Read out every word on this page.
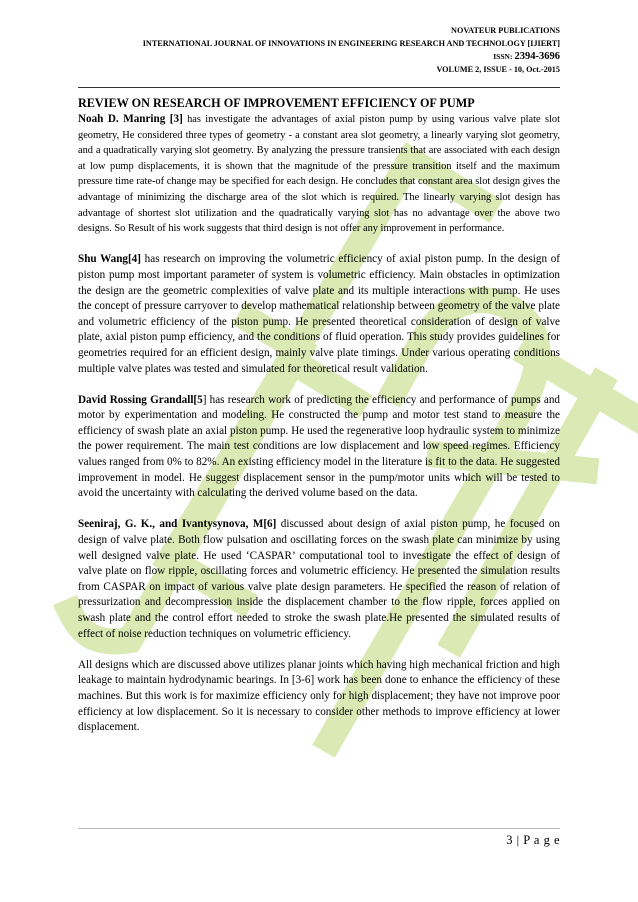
NOVATEUR PUBLICATIONS
INTERNATIONAL JOURNAL OF INNOVATIONS IN ENGINEERING RESEARCH AND TECHNOLOGY [IJIERT]
ISSN: 2394-3696
VOLUME 2, ISSUE - 10, Oct.-2015
REVIEW ON RESEARCH OF IMPROVEMENT EFFICIENCY OF PUMP

Noah D. Manring [3] has investigate the advantages of axial piston pump by using various valve plate slot geometry, He considered three types of geometry - a constant area slot geometry, a linearly varying slot geometry, and a quadratically varying slot geometry. By analyzing the pressure transients that are associated with each design at low pump displacements, it is shown that the magnitude of the pressure transition itself and the maximum pressure time rate-of change may be specified for each design. He concludes that constant area slot design gives the advantage of minimizing the discharge area of the slot which is required. The linearly varying slot design has advantage of shortest slot utilization and the quadratically varying slot has no advantage over the above two designs. So Result of his work suggests that third design is not offer any improvement in performance.

Shu Wang[4] has research on improving the volumetric efficiency of axial piston pump. In the design of piston pump most important parameter of system is volumetric efficiency. Main obstacles in optimization the design are the geometric complexities of valve plate and its multiple interactions with pump. He uses the concept of pressure carryover to develop mathematical relationship between geometry of the valve plate and volumetric efficiency of the piston pump. He presented theoretical consideration of design of valve plate, axial piston pump efficiency, and the conditions of fluid operation. This study provides guidelines for geometries required for an efficient design, mainly valve plate timings. Under various operating conditions multiple valve plates was tested and simulated for theoretical result validation.

David Rossing Grandall[5] has research work of predicting the efficiency and performance of pumps and motor by experimentation and modeling. He constructed the pump and motor test stand to measure the efficiency of swash plate an axial piston pump. He used the regenerative loop hydraulic system to minimize the power requirement. The main test conditions are low displacement and low speed regimes. Efficiency values ranged from 0% to 82%. An existing efficiency model in the literature is fit to the data. He suggested improvement in model. He suggest displacement sensor in the pump/motor units which will be tested to avoid the uncertainty with calculating the derived volume based on the data.

Seeniraj, G. K., and Ivantysynova, M[6] discussed about design of axial piston pump, he focused on design of valve plate. Both flow pulsation and oscillating forces on the swash plate can minimize by using well designed valve plate. He used ‘CASPAR’ computational tool to investigate the effect of design of valve plate on flow ripple, oscillating forces and volumetric efficiency. He presented the simulation results from CASPAR on impact of various valve plate design parameters. He specified the reason of relation of pressurization and decompression inside the displacement chamber to the flow ripple, forces applied on swash plate and the control effort needed to stroke the swash plate.He presented the simulated results of effect of noise reduction techniques on volumetric efficiency.

All designs which are discussed above utilizes planar joints which having high mechanical friction and high leakage to maintain hydrodynamic bearings. In [3-6] work has been done to enhance the efficiency of these machines. But this work is for maximize efficiency only for high displacement; they have not improve poor efficiency at low displacement. So it is necessary to consider other methods to improve efficiency at lower displacement.

3 | P a g e
